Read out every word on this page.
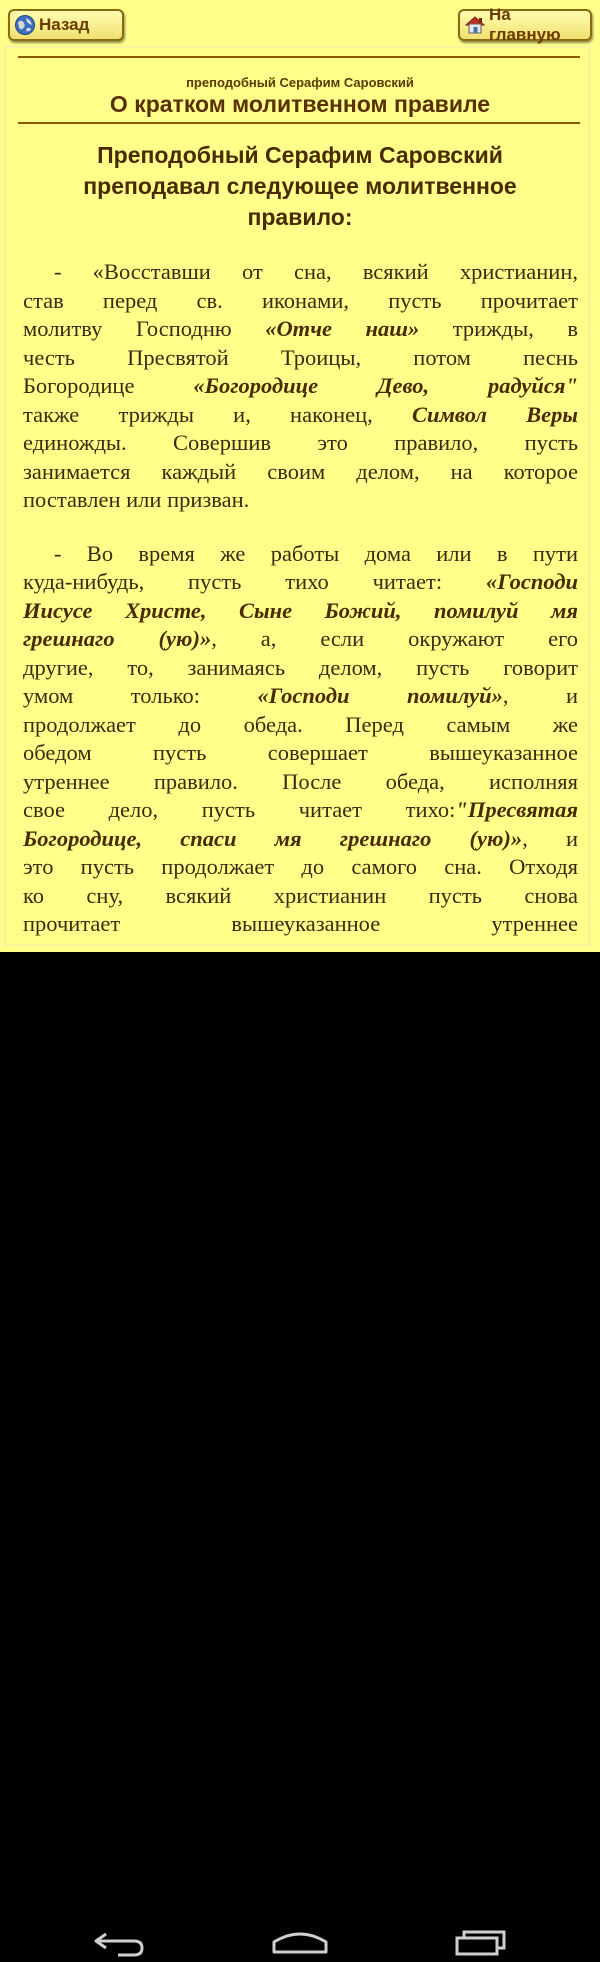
Назад
На главную
преподобный Серафим Саровский
О кратком молитвенном правиле
Преподобный Серафим Саровский
преподавал следующее молитвенное
правило:
- «Восставши от сна, всякий христианин,
став перед св. иконами, пусть прочитает
молитву Господню «Отче наш» трижды, в
честь Пресвятой Троицы, потом песнь
Богородице «Богородице Дево, радуйся"
также трижды и, наконец, Символ Веры
единожды. Совершив это правило, пусть
занимается каждый своим делом, на которое
поставлен или призван.
- Во время же работы дома или в пути
куда-нибудь, пусть тихо читает: «Господи
Иисусе Христе, Сыне Божий, помилуй мя
грешнаго (ую)», а, если окружают его
другие, то, занимаясь делом, пусть говорит
умом только: «Господи помилуй», и
продолжает до обеда. Перед самым же
обедом пусть совершает вышеуказанное
утреннее правило. После обеда, исполняя
свое дело, пусть читает тихо:"Пресвятая
Богородице, спаси мя грешнаго (ую)», и
это пусть продолжает до самого сна. Отходя
ко сну, всякий христианин пусть снова
прочитает вышеуказанное утреннее
